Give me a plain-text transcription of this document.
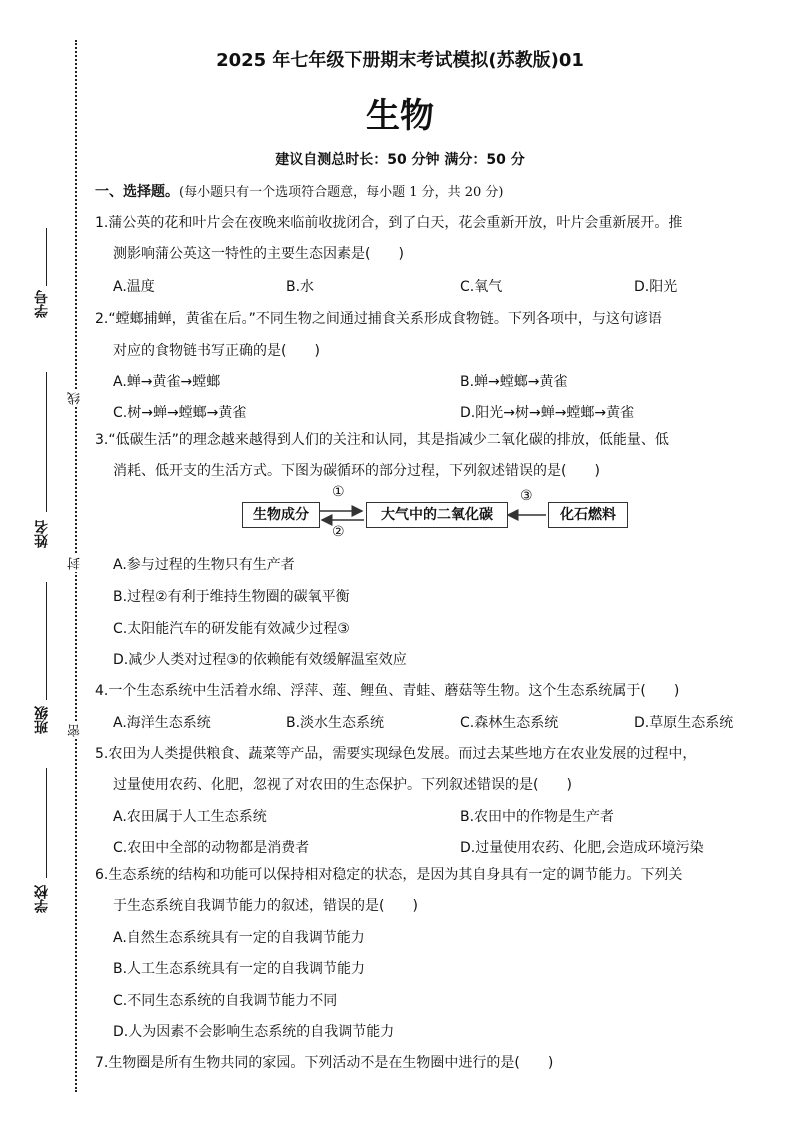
学号
姓名
班级
学校
线
封
密
2025 年七年级下册期末考试模拟(苏教版)01
生物
建议自测总时长：50 分钟 满分：50 分
一、选择题。(每小题只有一个选项符合题意，每小题 1 分，共 20 分)
1.蒲公英的花和叶片会在夜晚来临前收拢闭合，到了白天，花会重新开放，叶片会重新展开。推
测影响蒲公英这一特性的主要生态因素是(　　)
A.温度	B.水	C.氧气	D.阳光
2.“螳螂捕蝉，黄雀在后。”不同生物之间通过捕食关系形成食物链。下列各项中，与这句谚语
对应的食物链书写正确的是(　　)
A.蝉→黄雀→螳螂	B.蝉→螳螂→黄雀
C.树→蝉→螳螂→黄雀	D.阳光→树→蝉→螳螂→黄雀
3.“低碳生活”的理念越来越得到人们的关注和认同，其是指减少二氧化碳的排放，低能量、低
消耗、低开支的生活方式。下图为碳循环的部分过程，下列叙述错误的是(　　)
生物成分	大气中的二氧化碳	化石燃料
①
②
③
A.参与过程的生物只有生产者
B.过程②有利于维持生物圈的碳氧平衡
C.太阳能汽车的研发能有效减少过程③
D.减少人类对过程③的依赖能有效缓解温室效应
4.一个生态系统中生活着水绵、浮萍、莲、鲤鱼、青蛙、蘑菇等生物。这个生态系统属于(　　)
A.海洋生态系统	B.淡水生态系统	C.森林生态系统	D.草原生态系统
5.农田为人类提供粮食、蔬菜等产品，需要实现绿色发展。而过去某些地方在农业发展的过程中，
过量使用农药、化肥，忽视了对农田的生态保护。下列叙述错误的是(　　)
A.农田属于人工生态系统	B.农田中的作物是生产者
C.农田中全部的动物都是消费者	D.过量使用农药、化肥,会造成环境污染
6.生态系统的结构和功能可以保持相对稳定的状态，是因为其自身具有一定的调节能力。下列关
于生态系统自我调节能力的叙述，错误的是(　　)
A.自然生态系统具有一定的自我调节能力
B.人工生态系统具有一定的自我调节能力
C.不同生态系统的自我调节能力不同
D.人为因素不会影响生态系统的自我调节能力
7.生物圈是所有生物共同的家园。下列活动不是在生物圈中进行的是(　　)
